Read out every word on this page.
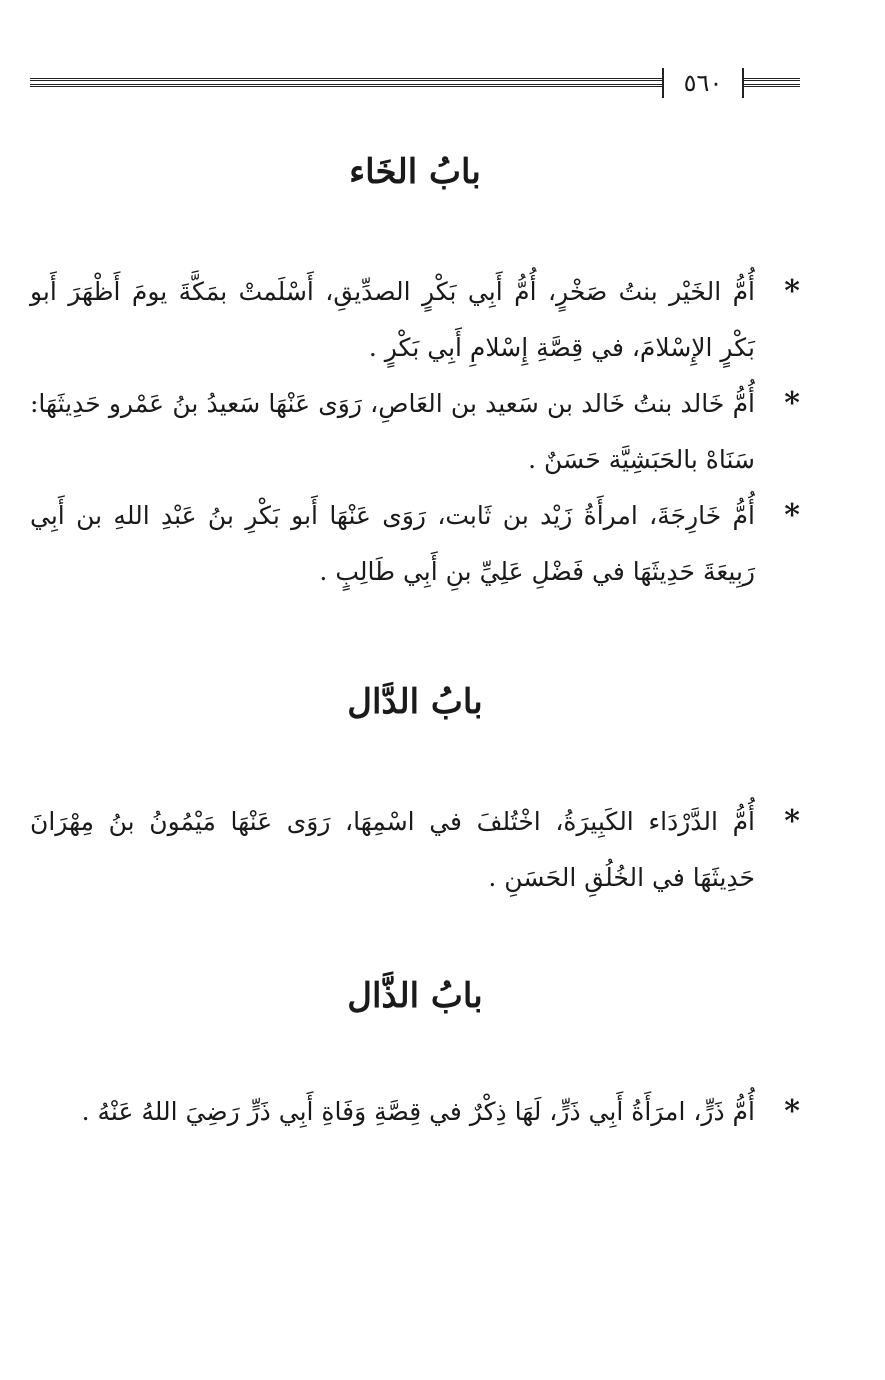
٥٦٠
بابُ الخَاء

*
أُمُّ الخَيْر بنتُ صَخْرٍ، أُمُّ أَبِي بَكْرٍ الصدِّيقِ، أَسْلَمتْ بمَكَّةَ يومَ أَظْهَرَ أَبو بَكْرٍ الإِسْلامَ، في قِصَّةِ إِسْلامِ أَبِي بَكْرٍ .

*
أُمُّ خَالد بنتُ خَالد بن سَعيد بن العَاصِ، رَوَى عَنْهَا سَعيدُ بنُ عَمْرو حَدِيثَهَا: سَنَاهْ بالحَبَشِيَّة حَسَنٌ .

*
أُمُّ خَارِجَةَ، امرأَةُ زَيْد بن ثَابت، رَوَى عَنْهَا أَبو بَكْرِ بنُ عَبْدِ اللهِ بن أَبِي رَبِيعَةَ حَدِيثَهَا في فَضْلِ عَلِيِّ بنِ أَبِي طَالِبٍ .

بابُ الدَّال

*
أُمُّ الدَّرْدَاء الكَبِيرَةُ، اخْتُلفَ في اسْمِهَا، رَوَى عَنْهَا مَيْمُونُ بنُ مِهْرَانَ حَدِيثَهَا في الخُلُقِ الحَسَنِ .

بابُ الذَّال

*
أُمُّ ذَرٍّ، امرَأَةُ أَبِي ذَرٍّ، لَهَا ذِكْرٌ في قِصَّةِ وَفَاةِ أَبِي ذَرٍّ رَضِيَ اللهُ عَنْهُ .
